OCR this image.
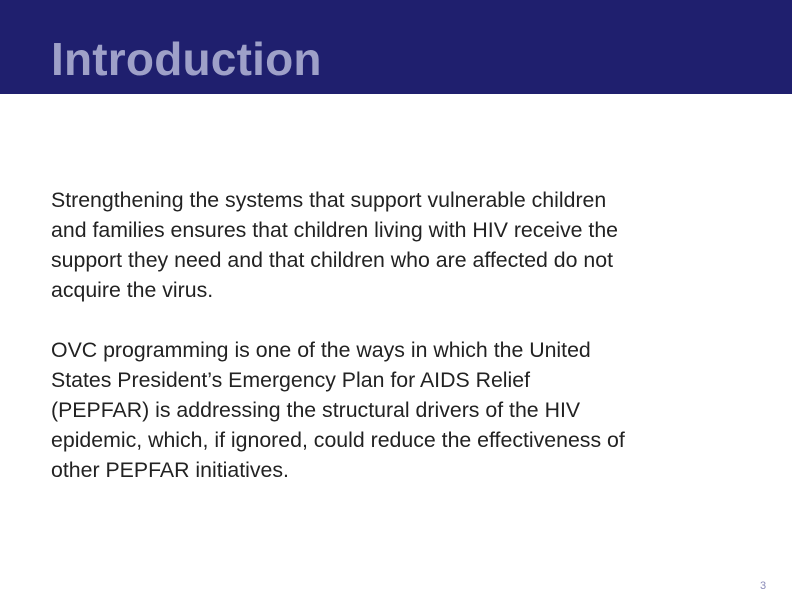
Introduction

Strengthening the systems that support vulnerable children
and families ensures that children living with HIV receive the
support they need and that children who are affected do not
acquire the virus.

OVC programming is one of the ways in which the United
States President’s Emergency Plan for AIDS Relief
(PEPFAR) is addressing the structural drivers of the HIV
epidemic, which, if ignored, could reduce the effectiveness of
other PEPFAR initiatives.

3
